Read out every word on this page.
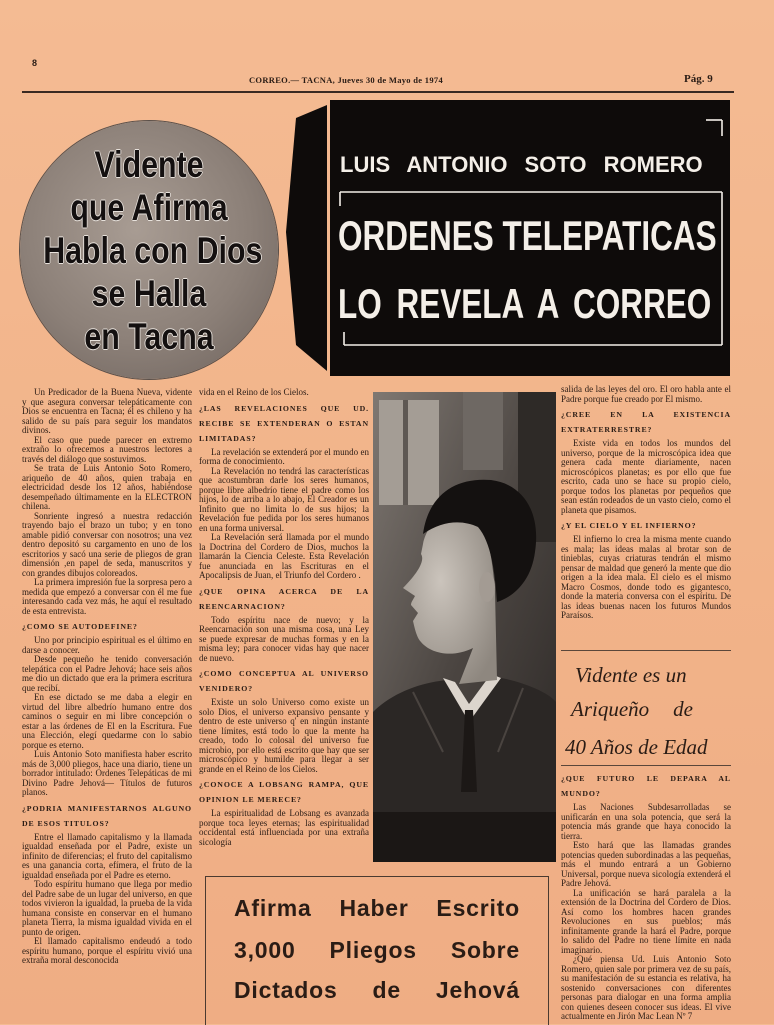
8
CORREO.— TACNA, Jueves 30 de Mayo de 1974	Pág. 9
Vidente
que Afirma
Habla con Dios
se Halla
en Tacna
LUIS ANTONIO SOTO ROMERO
ORDENES TELEPATICAS
LO REVELA A CORREO

Un Predicador de la Buena Nueva, vidente y que asegura conversar telepáticamente con Dios se encuentra en Tacna; él es chileno y ha salido de su país para seguir los mandatos divinos.

El caso que puede parecer en extremo extraño lo ofrecemos a nuestros lectores a través del diálogo que sostuvimos.

Se trata de Luis Antonio Soto Romero, ariqueño de 40 años, quien trabaja en electricidad desde los 12 años, habiéndose desempeñado últimamente en la ELECTRON chilena.

Sonriente ingresó a nuestra redacción trayendo bajo el brazo un tubo; y en tono amable pidió conversar con nosotros; una vez dentro depositó su cargamento en uno de los escritorios y sacó una serie de pliegos de gran dimensión ,en papel de seda, manuscritos y con grandes dibujos coloreados.

La primera impresión fue la sorpresa pero a medida que empezó a conversar con él me fue interesando cada vez más, he aquí el resultado de esta entrevista.

¿COMO SE AUTODEFINE?

Uno por principio espiritual es el último en darse a conocer.

Desde pequeño he tenido conversación telepática con el Padre Jehová; hace seis años me dio un dictado que era la primera escritura que recibí.

En ese dictado se me daba a elegir en virtud del libre albedrío humano entre dos caminos o seguir en mi libre concepción o estar a las órdenes de El en la Escritura. Fue una Elección, elegí quedarme con lo sabio porque es eterno.

Luis Antonio Soto manifiesta haber escrito más de 3,000 pliegos, hace una diario, tiene un borrador intitulado: Ordenes Telepáticas de mi Divino Padre Jehová— Títulos de futuros planos.

¿PODRIA MANIFESTARNOS ALGUNO DE ESOS TITULOS?

Entre el llamado capitalismo y la llamada igualdad enseñada por el Padre, existe un infinito de diferencias; el fruto del capitalismo es una ganancia corta, efímera, el fruto de la igualdad enseñada por el Padre es eterno.

Todo espíritu humano que llega por medio del Padre sabe de un lugar del universo, en que todos vivieron la igualdad, la prueba de la vida humana consiste en conservar en el humano planeta Tierra, la misma igualdad vivida en el punto de origen.

El llamado capitalismo endeudó a todo espíritu humano, porque el espíritu vivió una extraña moral desconocida

vida en el Reino de los Cielos.

¿LAS REVELACIONES QUE UD. RECIBE SE EXTENDERAN O ESTAN LIMITADAS?

La revelación se extenderá por el mundo en forma de conocimiento.

La Revelación no tendrá las características que acostumbran darle los seres humanos, porque libre albedrío tiene el padre como los hijos, lo de arriba a lo abajo, El Creador es un Infinito que no limita lo de sus hijos; la Revelación fue pedida por los seres humanos en una forma universal.

La Revelación será llamada por el mundo la Doctrina del Cordero de Dios, muchos la llamarán la Ciencia Celeste. Esta Revelación fue anunciada en las Escrituras en el Apocalipsis de Juan, el Triunfo del Cordero .

¿QUE OPINA ACERCA DE LA REENCARNACION?

Todo espíritu nace de nuevo; y la Reencarnación son una misma cosa, una Ley se puede expresar de muchas formas y en la misma ley; para conocer vidas hay que nacer de nuevo.

¿COMO CONCEPTUA AL UNIVERSO VENIDERO?

Existe un solo Universo como existe un solo Dios, el universo expansivo pensante y dentro de este universo q' en ningún instante tiene límites, está todo lo que la mente ha creado, todo lo colosal del universo fue microbio, por ello está escrito que hay que ser microscópico y humilde para llegar a ser grande en el Reino de los Cielos.

¿CONOCE A LOBSANG RAMPA, QUE OPINION LE MERECE?

La espiritualidad de Lobsang es avanzada porque toca leyes eternas; las espiritualidad occidental está influenciada por una extraña sicología

salida de las leyes del oro. El oro habla ante el Padre porque fue creado por El mismo.

¿CREE EN LA EXISTENCIA EXTRATERRESTRE?

Existe vida en todos los mundos del universo, porque de la microscópica idea que genera cada mente diariamente, nacen microscópicos planetas; es por ello que fue escrito, cada uno se hace su propio cielo, porque todos los planetas por pequeños que sean están rodeados de un vasto cielo, como el planeta que pisamos.

¿Y EL CIELO Y EL INFIERNO?

El infierno lo crea la misma mente cuando es mala; las ideas malas al brotar son de tinieblas, cuyas criaturas tendrán el mismo pensar de maldad que generó la mente que dio origen a la idea mala. El cielo es el mismo Macro Cosmos, donde todo es gigantesco, donde la materia conversa con el espíritu. De las ideas buenas nacen los futuros Mundos Paraísos.

¿QUE FUTURO LE DEPARA AL MUNDO?

Las Naciones Subdesarrolladas se unificarán en una sola potencia, que será la potencia más grande que haya conocido la tierra.

Esto hará que las llamadas grandes potencias queden subordinadas a las pequeñas, más el mundo entrará a un Gobierno Universal, porque nueva sicología extenderá el Padre Jehová.

La unificación se hará paralela a la extensión de la Doctrina del Cordero de Dios. Así como los hombres hacen grandes Revoluciones en sus pueblos; más infinitamente grande la hará el Padre, porque lo salido del Padre no tiene límite en nada imaginario.

¿Qué piensa Ud. Luis Antonio Soto Romero, quien sale por primera vez de su país, su manifestación de su estancia es relativa, ha sostenido conversaciones con diferentes personas para dialogar en una forma amplia con quienes deseen conocer sus ideas. El vive actualmente en Jirón Mac Lean Nº 7

Vidente es un
Ariqueño de
40 Años de Edad
Afirma Haber Escrito
3,000 Pliegos Sobre
Dictados de Jehová
